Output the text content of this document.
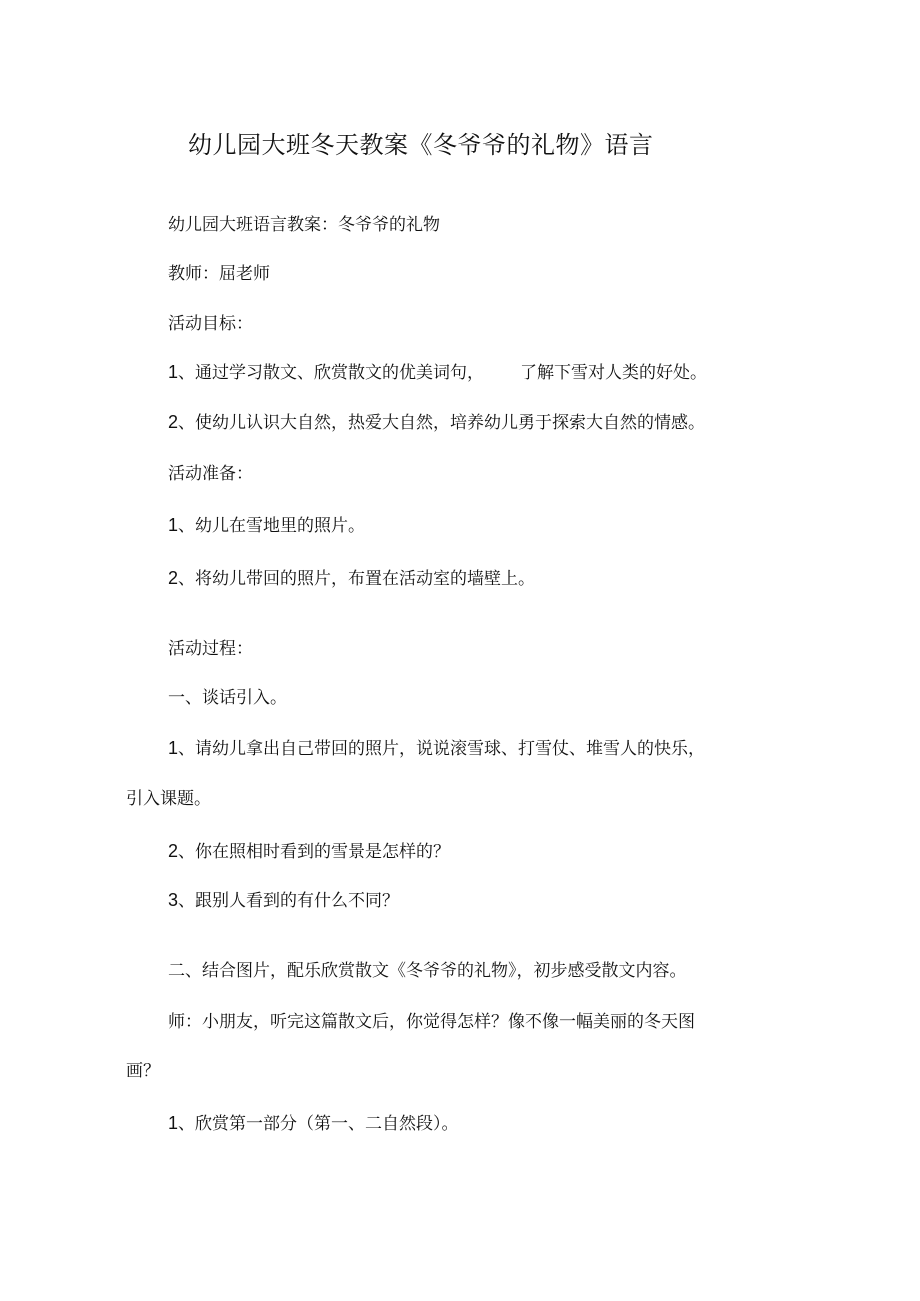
幼儿园大班冬天教案《冬爷爷的礼物》语言
幼儿园大班语言教案：冬爷爷的礼物
教师：屈老师
活动目标：
1、通过学习散文、欣赏散文的优美词句， 了解下雪对人类的好处。
2、使幼儿认识大自然，热爱大自然，培养幼儿勇于探索大自然的情感。
活动准备：
1、幼儿在雪地里的照片。
2、将幼儿带回的照片，布置在活动室的墙壁上。
活动过程：
一、谈话引入。
1、请幼儿拿出自己带回的照片，说说滚雪球、打雪仗、堆雪人的快乐，
引入课题。
2、你在照相时看到的雪景是怎样的？
3、跟别人看到的有什么不同？
二、结合图片，配乐欣赏散文《冬爷爷的礼物》，初步感受散文内容。
师：小朋友，听完这篇散文后，你觉得怎样？像不像一幅美丽的冬天图
画？
1、欣赏第一部分（第一、二自然段）。
